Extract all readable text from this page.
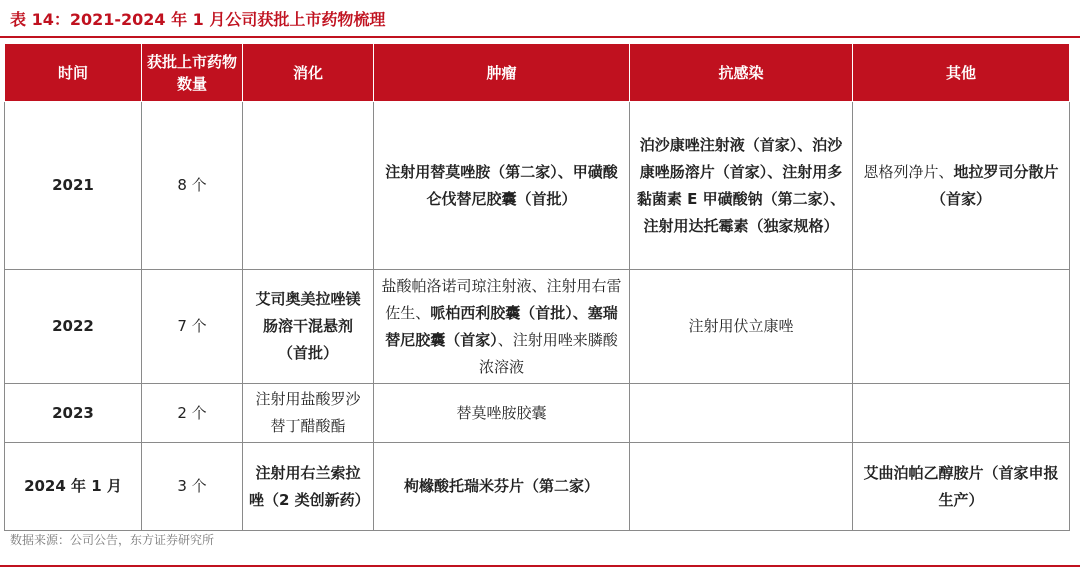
表 14：2021-2024 年 1 月公司获批上市药物梳理
时间	获批上市药物数量	消化	肿瘤	抗感染	其他
2021	8 个		注射用替莫唑胺（第二家）、甲磺酸仑伐替尼胶囊（首批）	泊沙康唑注射液（首家）、泊沙康唑肠溶片（首家）、注射用多黏菌素 E 甲磺酸钠（第二家）、注射用达托霉素（独家规格）	恩格列净片、地拉罗司分散片（首家）
2022	7 个	艾司奥美拉唑镁肠溶干混悬剂（首批）	盐酸帕洛诺司琼注射液、注射用右雷佐生、哌柏西利胶囊（首批）、塞瑞替尼胶囊（首家）、注射用唑来膦酸浓溶液	注射用伏立康唑	
2023	2 个	注射用盐酸罗沙替丁醋酸酯	替莫唑胺胶囊		
2024 年 1 月	3 个	注射用右兰索拉唑（2 类创新药）	枸橼酸托瑞米芬片（第二家）		艾曲泊帕乙醇胺片（首家申报生产）
数据来源：公司公告，东方证券研究所
